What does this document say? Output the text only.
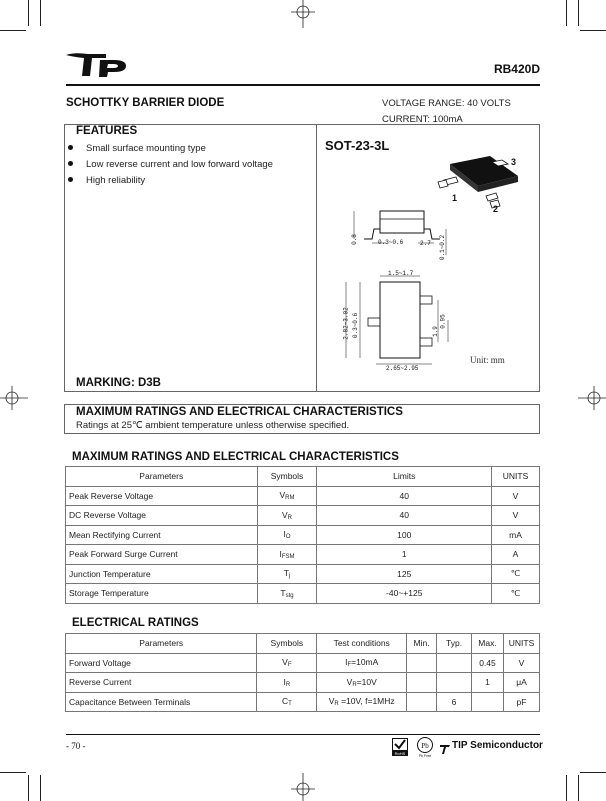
RB420D
SCHOTTKY BARRIER DIODE	VOLTAGE RANGE: 40 VOLTS
CURRENT: 100mA
FEATURES
Small surface mounting type
Low reverse current and low forward voltage
High reliability
MARKING: D3B
SOT-23-3L
3
1
2
0.8	0.3~0.6	2.7 0.1~0.2
1.5~1.7
2.82~3.02 0.3~0.6	1.9
0.95
2.65~2.95
Unit: mm
MAXIMUM RATINGS AND ELECTRICAL CHARACTERISTICS
Ratings at 25℃ ambient temperature unless otherwise specified.
MAXIMUM RATINGS AND ELECTRICAL CHARACTERISTICS
Parameters	Symbols	Limits	UNITS
Peak Reverse Voltage	$V_{RM}$	40	V
DC Reverse Voltage	$V_R$	40	V
Mean Rectifying Current	$I_O$	100	mA
Peak Forward Surge Current	$I_{FSM}$	1	A
Junction Temperature	$T_j$	125	℃
Storage Temperature	$T_{stg}$	-40~+125	℃
ELECTRICAL RATINGS
Parameters	Symbols	Test conditions	Min.	Typ.	Max.	UNITS
Forward Voltage	$V_F$	$I_F=10mA$			0.45	V
Reverse Current	$I_R$	$V_R=10V$			1	μA
Capacitance Between Terminals	$C_T$	$V_R =10V$, f=1MHz		6		pF
- 70 -
RoHS
Pb
Pb Free
TIP Semiconductor
